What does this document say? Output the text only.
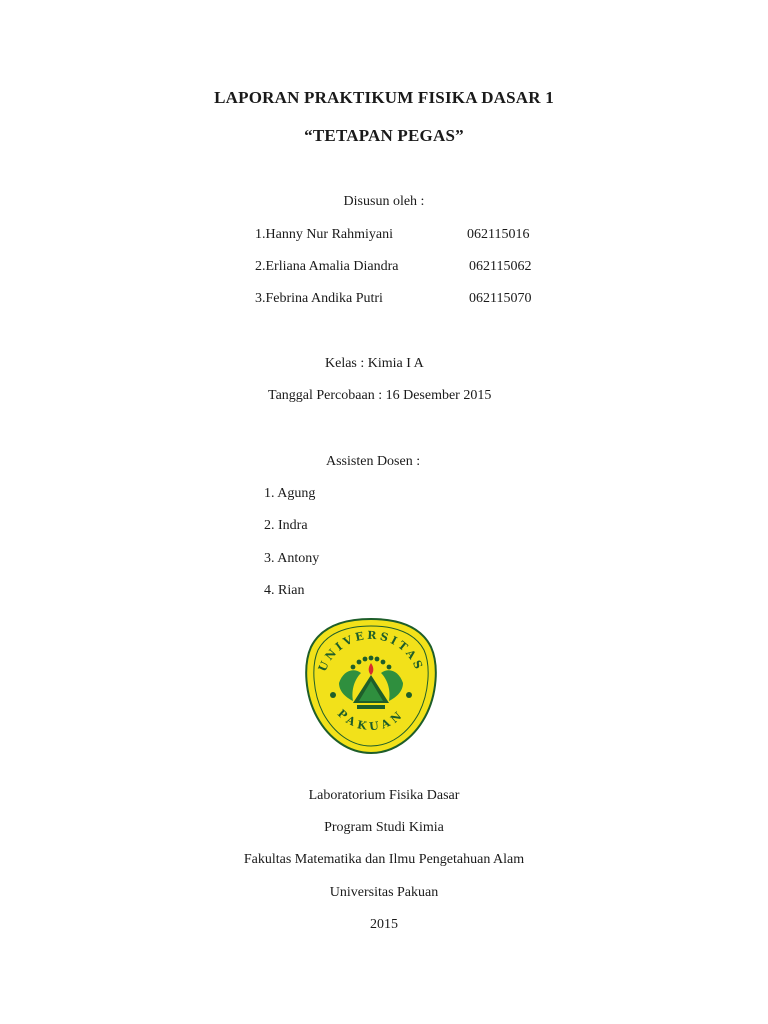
LAPORAN PRAKTIKUM FISIKA DASAR 1
“TETAPAN PEGAS”
Disusun oleh :
1.Hanny Nur Rahmiyani	062115016
2.Erliana Amalia Diandra	062115062
3.Febrina Andika Putri	062115070
Kelas : Kimia I A
Tanggal Percobaan : 16 Desember 2015
Assisten Dosen :
1. Agung
2. Indra
3. Antony
4. Rian
UNIVERSITAS
PAKUAN
Laboratorium Fisika Dasar
Program Studi Kimia
Fakultas Matematika dan Ilmu Pengetahuan Alam
Universitas Pakuan
2015
